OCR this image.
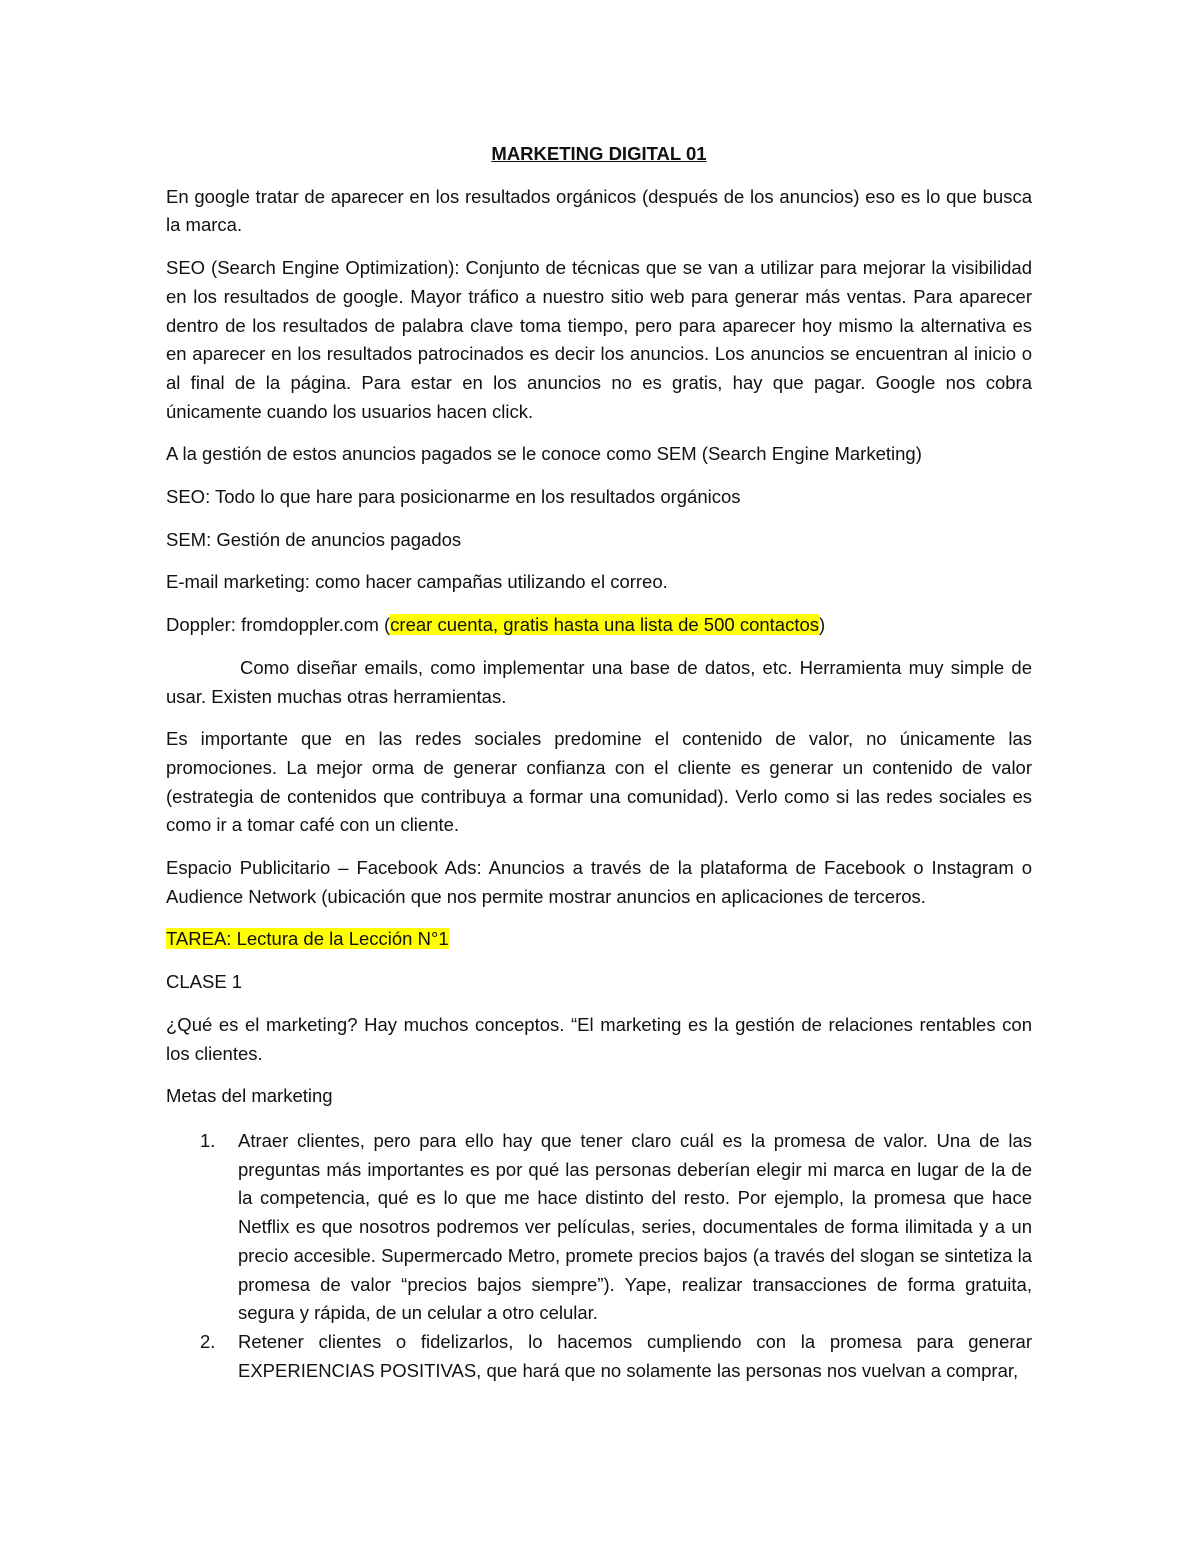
MARKETING DIGITAL 01
En google tratar de aparecer en los resultados orgánicos (después de los anuncios) eso es lo que busca la marca.
SEO (Search Engine Optimization): Conjunto de técnicas que se van a utilizar para mejorar la visibilidad en los resultados de google. Mayor tráfico a nuestro sitio web para generar más ventas. Para aparecer dentro de los resultados de palabra clave toma tiempo, pero para aparecer hoy mismo la alternativa es en aparecer en los resultados patrocinados es decir los anuncios. Los anuncios se encuentran al inicio o al final de la página. Para estar en los anuncios no es gratis, hay que pagar. Google nos cobra únicamente cuando los usuarios hacen click.
A la gestión de estos anuncios pagados se le conoce como SEM (Search Engine Marketing)
SEO: Todo lo que hare para posicionarme en los resultados orgánicos
SEM: Gestión de anuncios pagados
E-mail marketing: como hacer campañas utilizando el correo.
Doppler: fromdoppler.com (crear cuenta, gratis hasta una lista de 500 contactos)
Como diseñar emails, como implementar una base de datos, etc. Herramienta muy simple de usar. Existen muchas otras herramientas.
Es importante que en las redes sociales predomine el contenido de valor, no únicamente las promociones. La mejor orma de generar confianza con el cliente es generar un contenido de valor (estrategia de contenidos que contribuya a formar una comunidad). Verlo como si las redes sociales es como ir a tomar café con un cliente.
Espacio Publicitario – Facebook Ads: Anuncios a través de la plataforma de Facebook o Instagram o Audience Network (ubicación que nos permite mostrar anuncios en aplicaciones de terceros.
TAREA: Lectura de la Lección N°1
CLASE 1
¿Qué es el marketing? Hay muchos conceptos. “El marketing es la gestión de relaciones rentables con los clientes.
Metas del marketing
1. Atraer clientes, pero para ello hay que tener claro cuál es la promesa de valor. Una de las preguntas más importantes es por qué las personas deberían elegir mi marca en lugar de la de la competencia, qué es lo que me hace distinto del resto. Por ejemplo, la promesa que hace Netflix es que nosotros podremos ver películas, series, documentales de forma ilimitada y a un precio accesible. Supermercado Metro, promete precios bajos (a través del slogan se sintetiza la promesa de valor “precios bajos siempre”). Yape, realizar transacciones de forma gratuita, segura y rápida, de un celular a otro celular.
2. Retener clientes o fidelizarlos, lo hacemos cumpliendo con la promesa para generar EXPERIENCIAS POSITIVAS, que hará que no solamente las personas nos vuelvan a comprar,
